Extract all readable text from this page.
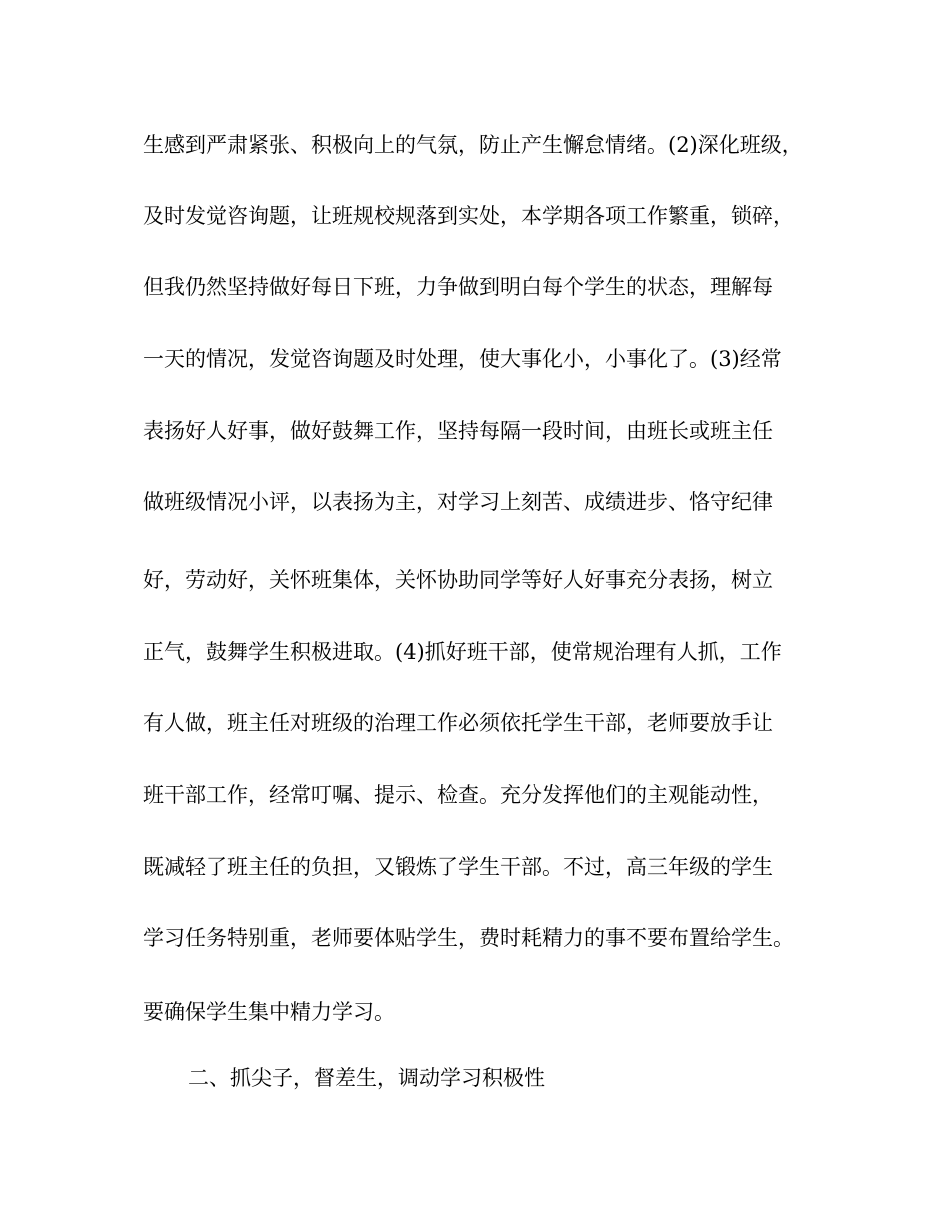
生感到严肃紧张、积极向上的气氛，防止产生懈怠情绪。(2)深化班级，
及时发觉咨询题，让班规校规落到实处，本学期各项工作繁重，锁碎，
但我仍然坚持做好每日下班，力争做到明白每个学生的状态，理解每
一天的情况，发觉咨询题及时处理，使大事化小，小事化了。(3)经常
表扬好人好事，做好鼓舞工作，坚持每隔一段时间，由班长或班主任
做班级情况小评，以表扬为主，对学习上刻苦、成绩进步、恪守纪律
好，劳动好，关怀班集体，关怀协助同学等好人好事充分表扬，树立
正气，鼓舞学生积极进取。(4)抓好班干部，使常规治理有人抓，工作
有人做，班主任对班级的治理工作必须依托学生干部，老师要放手让
班干部工作，经常叮嘱、提示、检查。充分发挥他们的主观能动性，
既减轻了班主任的负担，又锻炼了学生干部。不过，高三年级的学生
学习任务特别重，老师要体贴学生，费时耗精力的事不要布置给学生。
要确保学生集中精力学习。
二、抓尖子，督差生，调动学习积极性
